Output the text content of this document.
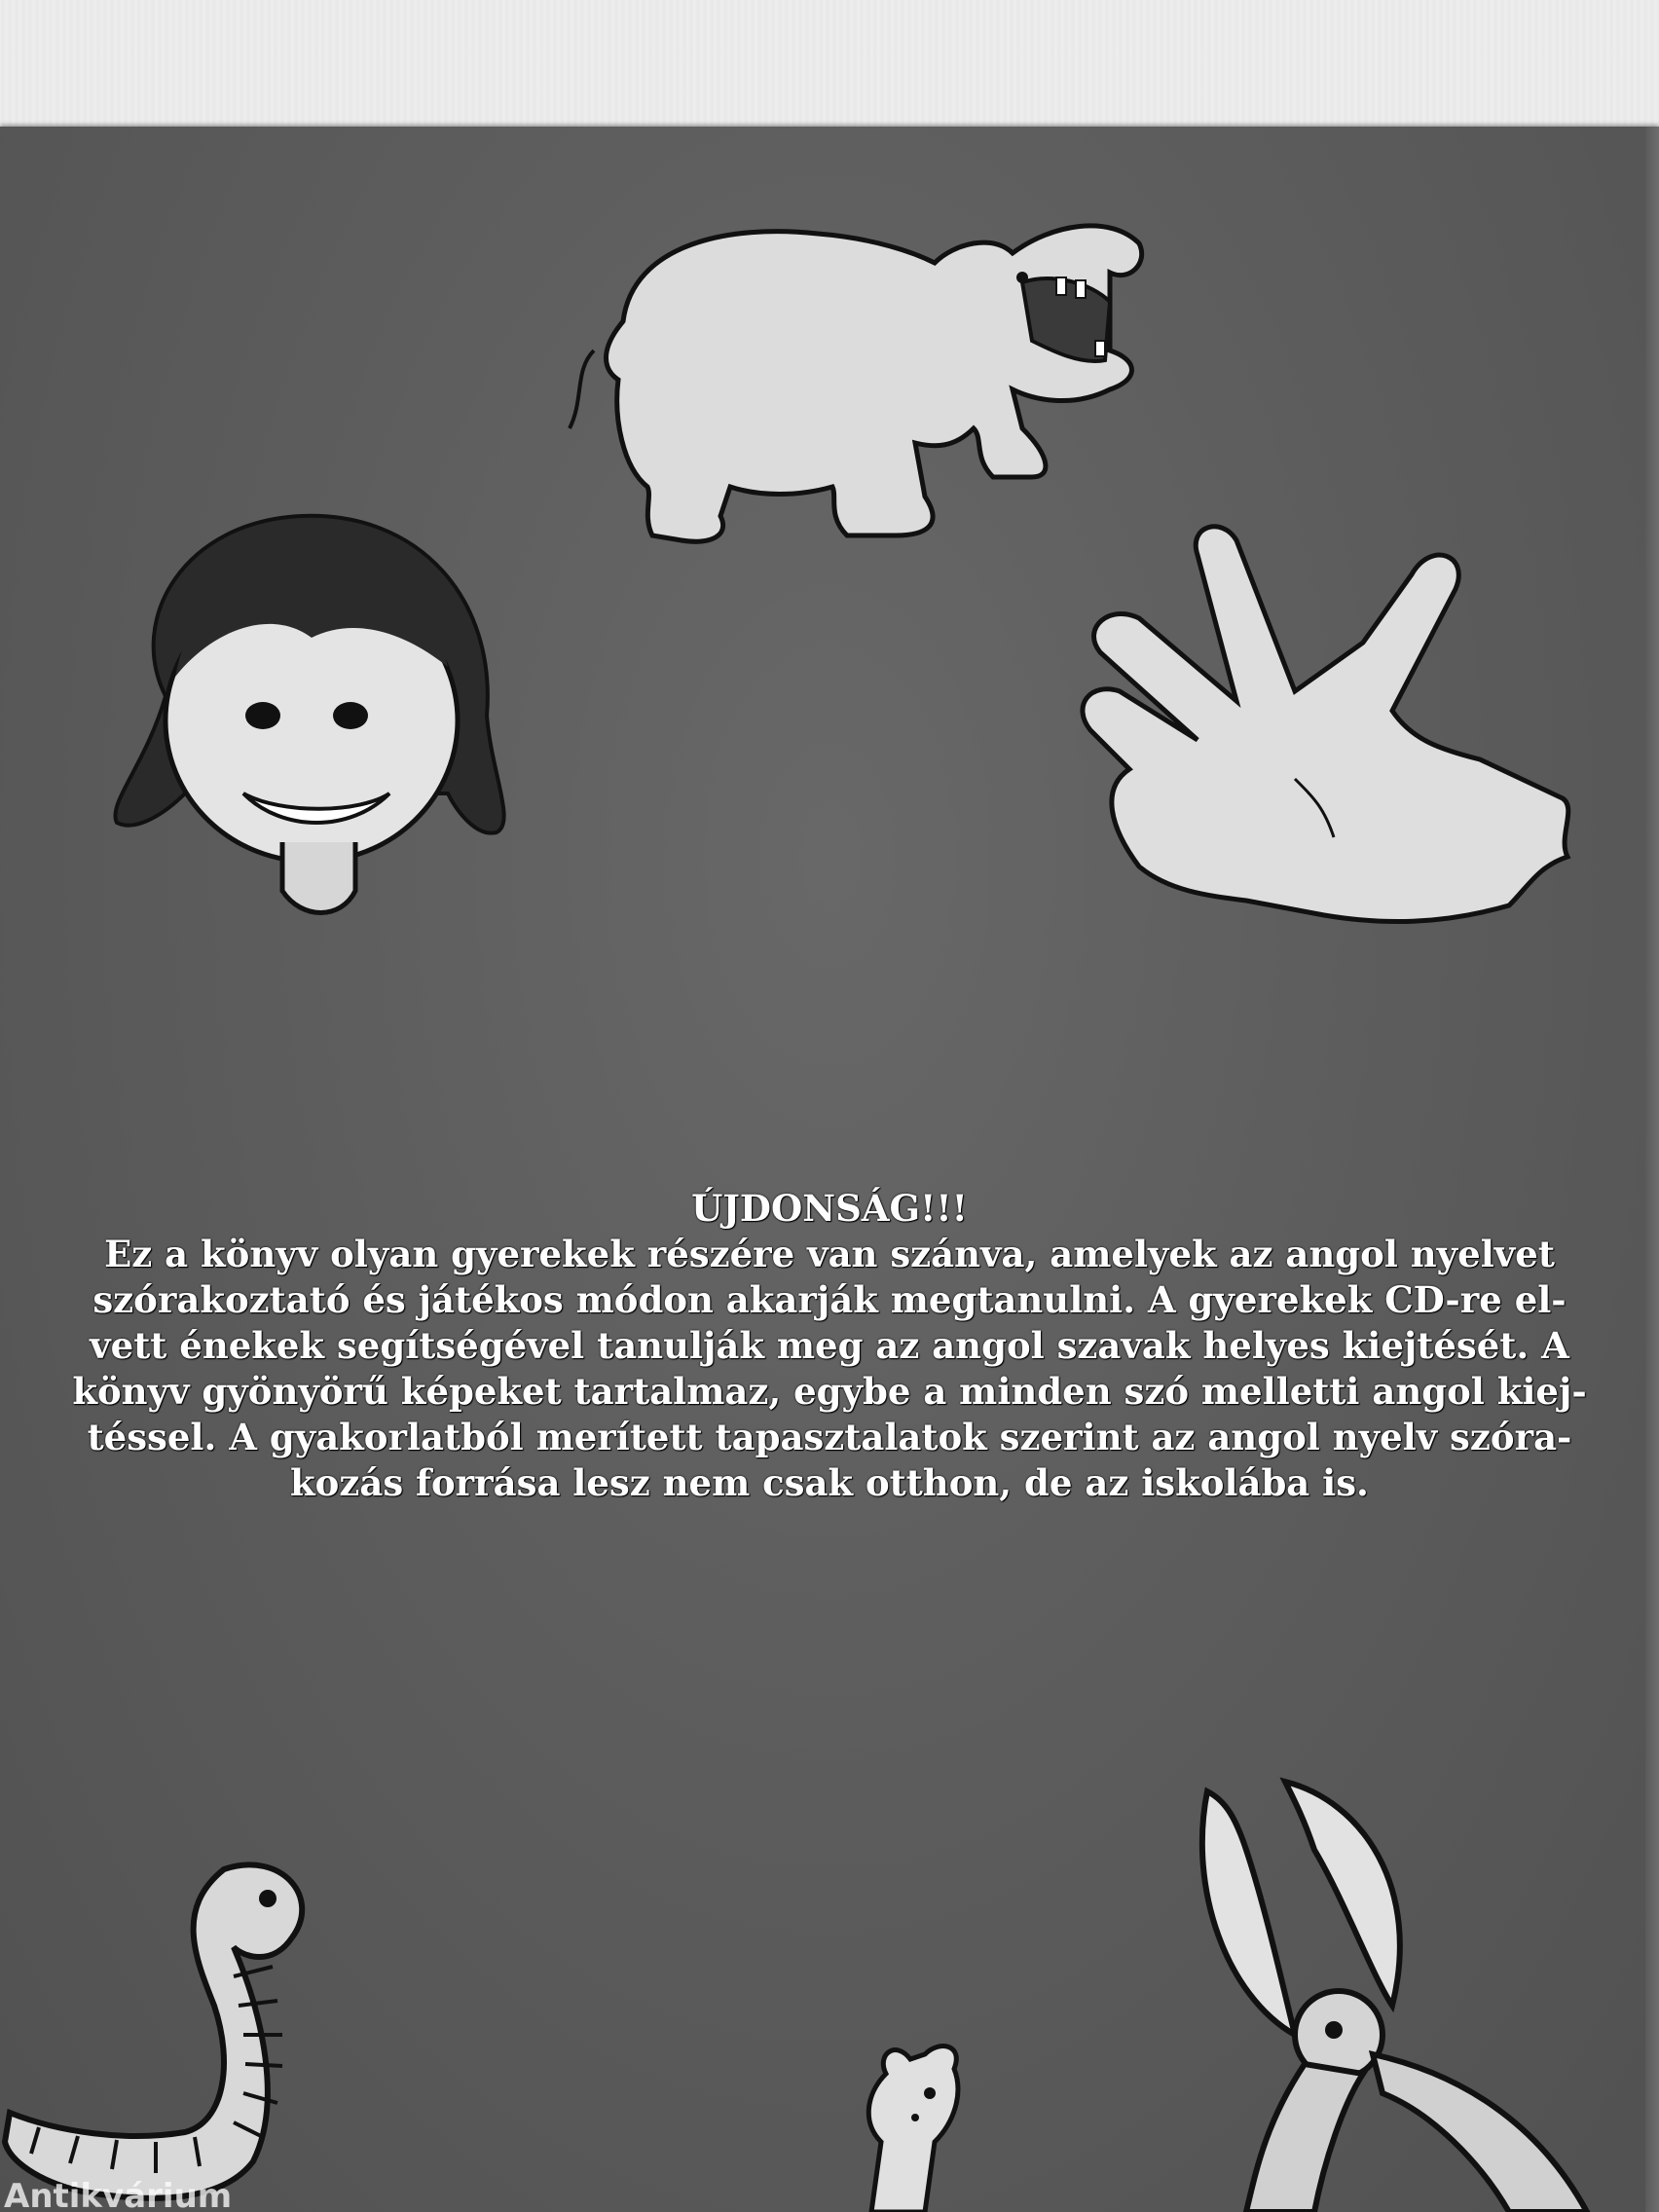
ÚJDONSÁG!!!
Ez a könyv olyan gyerekek részére van szánva, amelyek az angol nyelvet
szórakoztató és játékos módon akarják megtanulni. A gyerekek CD-re el-
vett énekek segítségével tanulják meg az angol szavak helyes kiejtését. A
könyv gyönyörű képeket tartalmaz, egybe a minden szó melletti angol kiej-
téssel. A gyakorlatból merített tapasztalatok szerint az angol nyelv szóra-
kozás forrása lesz nem csak otthon, de az iskolába is.
Antikvárium
